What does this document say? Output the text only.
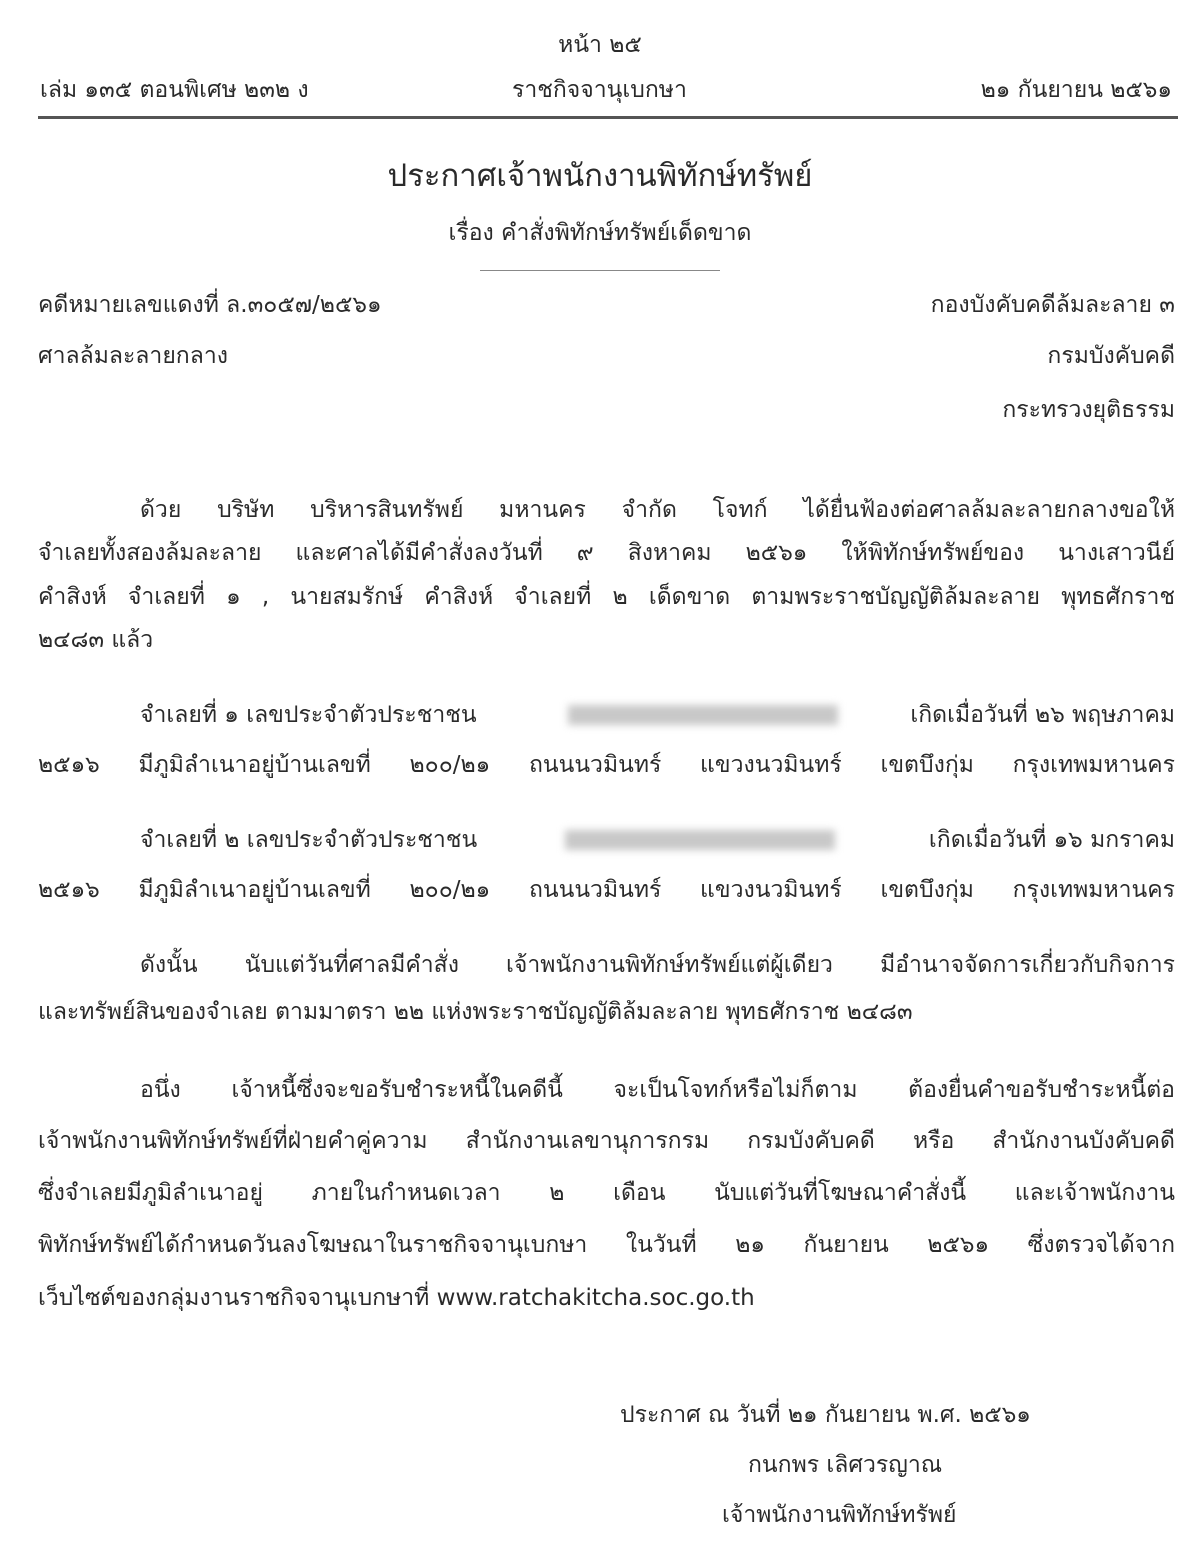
หน้า ๒๕
เล่ม ๑๓๕ ตอนพิเศษ ๒๓๒ ง	ราชกิจจานุเบกษา	๒๑ กันยายน ๒๕๖๑
ประกาศเจ้าพนักงานพิทักษ์ทรัพย์
เรื่อง คำสั่งพิทักษ์ทรัพย์เด็ดขาด
คดีหมายเลขแดงที่ ล.๓๐๕๗/๒๕๖๑
ศาลล้มละลายกลาง
กองบังคับคดีล้มละลาย ๓
กรมบังคับคดี
กระทรวงยุติธรรม
ด้วย บริษัท บริหารสินทรัพย์ มหานคร จำกัด โจทก์ ได้ยื่นฟ้องต่อศาลล้มละลายกลางขอให้
จำเลยทั้งสองล้มละลาย และศาลได้มีคำสั่งลงวันที่ ๙ สิงหาคม ๒๕๖๑ ให้พิทักษ์ทรัพย์ของ นางเสาวนีย์
คำสิงห์ จำเลยที่ ๑ , นายสมรักษ์ คำสิงห์ จำเลยที่ ๒ เด็ดขาด ตามพระราชบัญญัติล้มละลาย พุทธศักราช
๒๔๘๓ แล้ว
จำเลยที่ ๑ เลขประจำตัวประชาชน	เกิดเมื่อวันที่ ๒๖ พฤษภาคม
๒๕๑๖ มีภูมิลำเนาอยู่บ้านเลขที่ ๒๐๐/๒๑ ถนนนวมินทร์ แขวงนวมินทร์ เขตบึงกุ่ม กรุงเทพมหานคร
จำเลยที่ ๒ เลขประจำตัวประชาชน	เกิดเมื่อวันที่ ๑๖ มกราคม
๒๕๑๖ มีภูมิลำเนาอยู่บ้านเลขที่ ๒๐๐/๒๑ ถนนนวมินทร์ แขวงนวมินทร์ เขตบึงกุ่ม กรุงเทพมหานคร
ดังนั้น นับแต่วันที่ศาลมีคำสั่ง เจ้าพนักงานพิทักษ์ทรัพย์แต่ผู้เดียว มีอำนาจจัดการเกี่ยวกับกิจการ
และทรัพย์สินของจำเลย ตามมาตรา ๒๒ แห่งพระราชบัญญัติล้มละลาย พุทธศักราช ๒๔๘๓
อนึ่ง เจ้าหนี้ซึ่งจะขอรับชำระหนี้ในคดีนี้ จะเป็นโจทก์หรือไม่ก็ตาม ต้องยื่นคำขอรับชำระหนี้ต่อ
เจ้าพนักงานพิทักษ์ทรัพย์ที่ฝ่ายคำคู่ความ สำนักงานเลขานุการกรม กรมบังคับคดี หรือ สำนักงานบังคับคดี
ซึ่งจำเลยมีภูมิลำเนาอยู่ ภายในกำหนดเวลา ๒ เดือน นับแต่วันที่โฆษณาคำสั่งนี้ และเจ้าพนักงาน
พิทักษ์ทรัพย์ได้กำหนดวันลงโฆษณาในราชกิจจานุเบกษา ในวันที่ ๒๑ กันยายน ๒๕๖๑ ซึ่งตรวจได้จาก
เว็บไซต์ของกลุ่มงานราชกิจจานุเบกษาที่ www.ratchakitcha.soc.go.th
ประกาศ ณ วันที่ ๒๑ กันยายน พ.ศ. ๒๕๖๑
กนกพร เลิศวรญาณ
เจ้าพนักงานพิทักษ์ทรัพย์
